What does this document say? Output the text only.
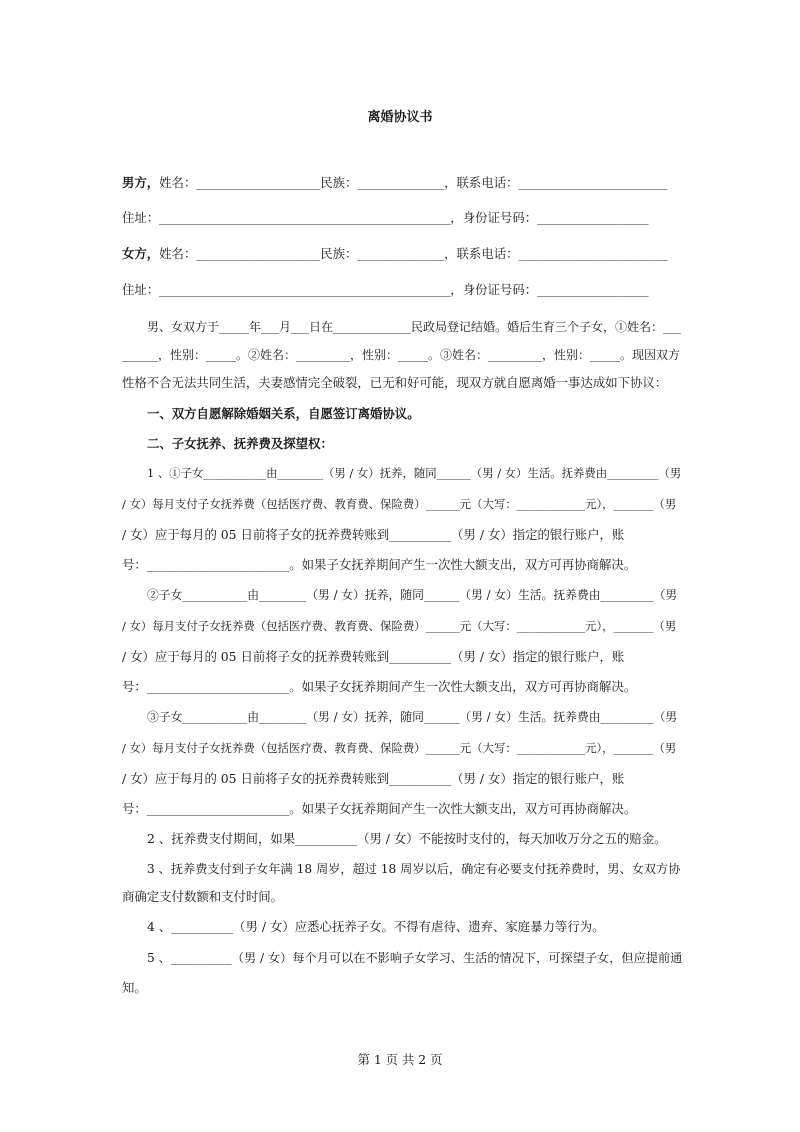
离婚协议书
男方，姓名：____________________民族：______________，联系电话：________________________
住址：_______________________________________________，身份证号码：__________________
女方，姓名：____________________民族：______________，联系电话：________________________
住址：_______________________________________________，身份证号码：__________________
男、女双方于_____年___月___日在_____________民政局登记结婚。婚后生育三个子女，①姓名：___
______，性别：_____。②姓名：_________，性别：_____。③姓名：_________，性别：_____。现因双方
性格不合无法共同生活，夫妻感情完全破裂，已无和好可能，现双方就自愿离婚一事达成如下协议：
一、双方自愿解除婚姻关系，自愿签订离婚协议。
二、子女抚养、抚养费及探望权：
1 、①子女___________由________（男 / 女）抚养，随同______（男 / 女）生活。抚养费由_________（男
/ 女）每月支付子女抚养费（包括医疗费、教育费、保险费）______元（大写：____________元），_______（男
/ 女）应于每月的 05 日前将子女的抚养费转账到__________（男 / 女）指定的银行账户，账
号：_______________________。如果子女抚养期间产生一次性大额支出，双方可再协商解决。
②子女___________由________（男 / 女）抚养，随同______（男 / 女）生活。抚养费由_________（男
/ 女）每月支付子女抚养费（包括医疗费、教育费、保险费）______元（大写：____________元），_______（男
/ 女）应于每月的 05 日前将子女的抚养费转账到__________（男 / 女）指定的银行账户，账
号：_______________________。如果子女抚养期间产生一次性大额支出，双方可再协商解决。
③子女___________由________（男 / 女）抚养，随同______（男 / 女）生活。抚养费由_________（男
/ 女）每月支付子女抚养费（包括医疗费、教育费、保险费）______元（大写：____________元），_______（男
/ 女）应于每月的 05 日前将子女的抚养费转账到__________（男 / 女）指定的银行账户，账
号：_______________________。如果子女抚养期间产生一次性大额支出，双方可再协商解决。
2 、抚养费支付期间，如果__________（男 / 女）不能按时支付的，每天加收万分之五的赔金。
3 、抚养费支付到子女年满 18 周岁，超过 18 周岁以后，确定有必要支付抚养费时，男、女双方协
商确定支付数额和支付时间。
4 、__________（男 / 女）应悉心抚养子女。不得有虐待、遗弃、家庭暴力等行为。
5 、__________（男 / 女）每个月可以在不影响子女学习、生活的情况下，可探望子女，但应提前通
知。
第 1 页 共 2 页
